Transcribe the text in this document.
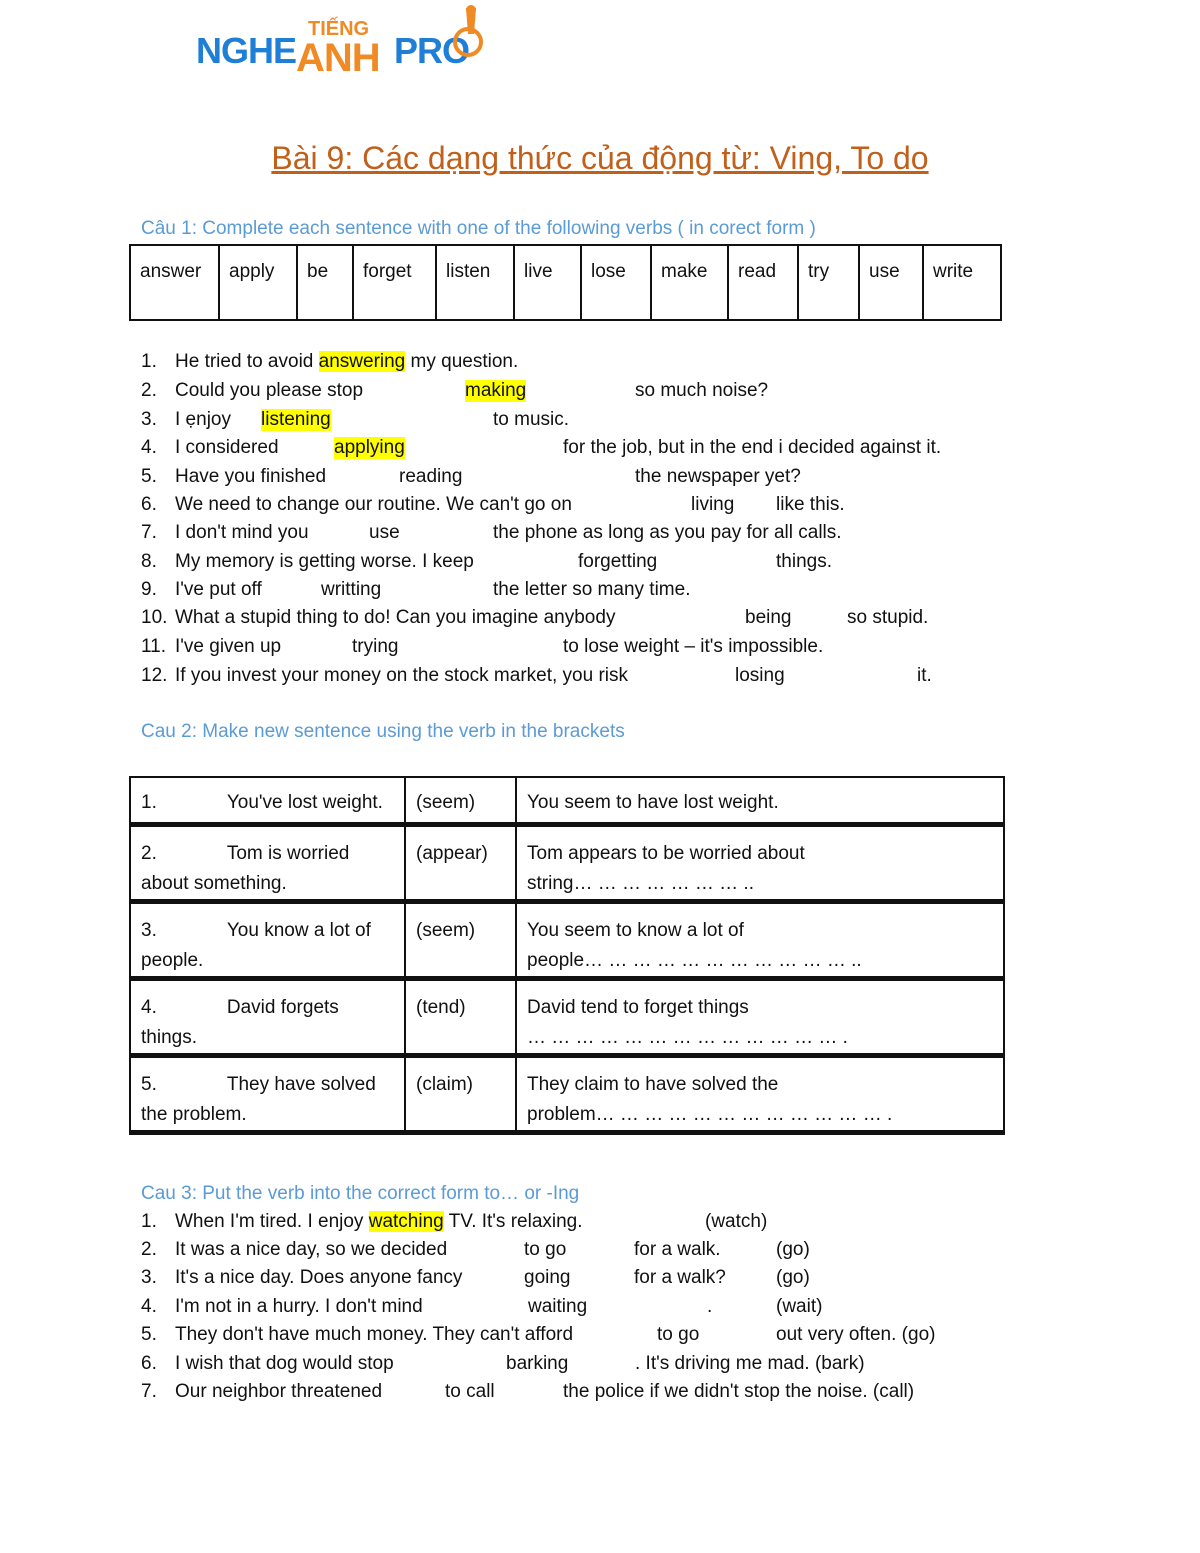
NGHE
TIẾNG
ANH PRO
Bài 9: Các dạng thức của động từ: Ving, To do
Câu 1: Complete each sentence with one of the following verbs ( in corect form )
answer	apply	be	forget	listen	live	lose	make	read	try	use	write
1. He tried to avoid answering my question.
2. Could you please stop	making	so much noise?
3. I ẹnjoy listening	to music.
4. I considered	applying	for the job, but in the end i decided against it.
5. Have you finished	reading	the newspaper yet?
6. We need to change our routine. We can't go on	living like this.
7. I don't mind you	use	the phone as long as you pay for all calls.
8. My memory is getting worse. I keep	forgetting	things.
9. I've put off	writting	the letter so many time.
10. What a stupid thing to do! Can you imagine anybody	being	so stupid.
11. I've given up	trying	to lose weight – it's impossible.
12. If you invest your money on the stock market, you risk	losing	it.
Cau 2: Make new sentence using the verb in the brackets
1. You've lost weight.	(seem)	You seem to have lost weight.

2. Tom is worried
about something.	(appear)	Tom appears to be worried about
string… … … … … … … ..
3. You know a lot of
people.	(seem)	You seem to know a lot of
people… … … … … … … … … … … ..
4. David forgets
things.	(tend)	David tend to forget things
… … … … … … … … … … … … … .
5. They have solved
the problem.	(claim)	They claim to have solved the
problem… … … … … … … … … … … … .
Cau 3: Put the verb into the correct form to… or -Ing
1. When I'm tired. I enjoy watching TV. It's relaxing.	(watch)
2. It was a nice day, so we decided	to go	for a walk.	(go)
3. It's a nice day. Does anyone fancy	going	for a walk?	(go)
4. I'm not in a hurry. I don't mind	waiting	.	(wait)
5. They don't have much money. They can't afford	to go	out very often. (go)
6. I wish that dog would stop	barking	. It's driving me mad. (bark)
7. Our neighbor threatened	to call	the police if we didn't stop the noise. (call)
